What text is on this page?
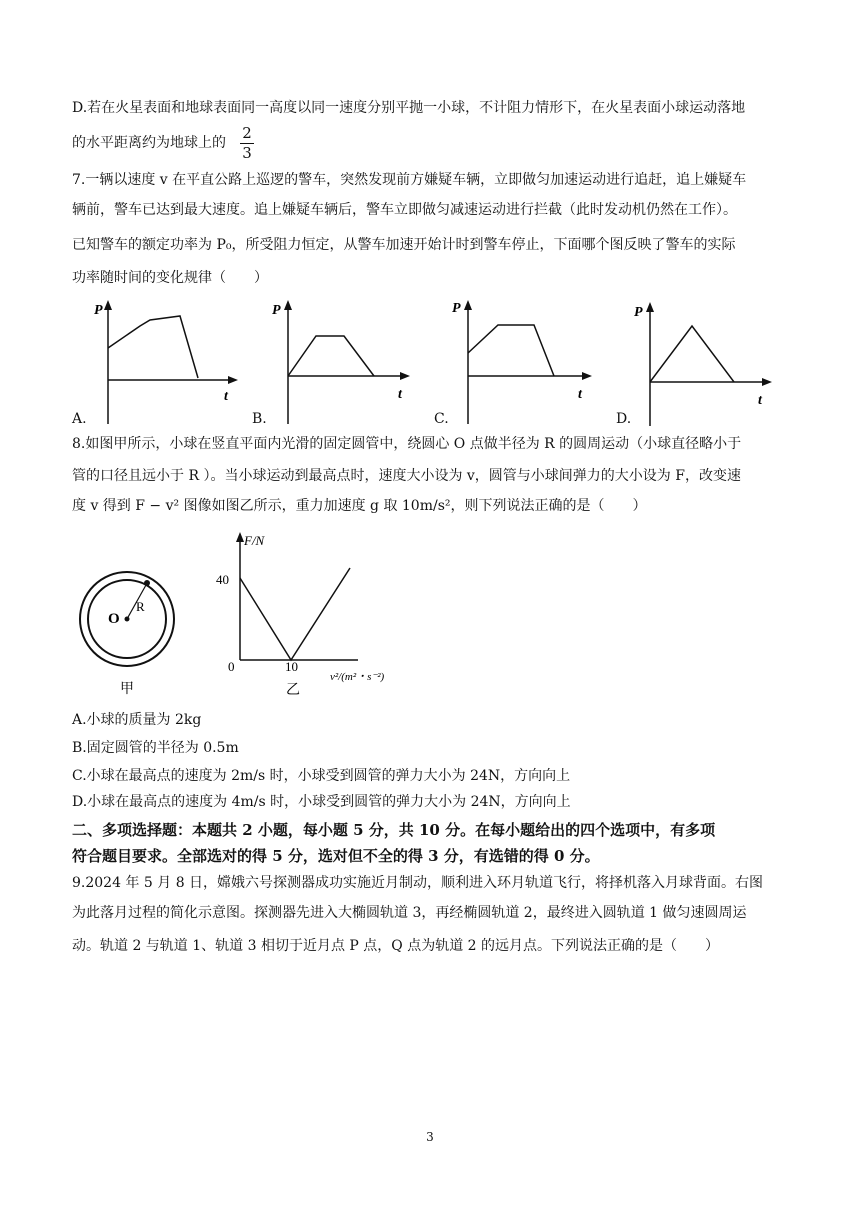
D.若在火星表面和地球表面同一高度以同一速度分别平抛一小球，不计阻力情形下，在火星表面小球运动落地
的水平距离约为地球上的
2
3
7.一辆以速度 v 在平直公路上巡逻的警车，突然发现前方嫌疑车辆，立即做匀加速运动进行追赶，追上嫌疑车
辆前，警车已达到最大速度。追上嫌疑车辆后，警车立即做匀减速运动进行拦截（此时发动机仍然在工作）。
已知警车的额定功率为 P₀，所受阻力恒定，从警车加速开始计时到警车停止，下面哪个图反映了警车的实际
功率随时间的变化规律（　　）
P
t
A.
P
t
B.
P
t
C.
P
t
D.
8.如图甲所示，小球在竖直平面内光滑的固定圆管中，绕圆心 O 点做半径为 R 的圆周运动（小球直径略小于
管的口径且远小于 R ）。当小球运动到最高点时，速度大小设为 v，圆管与小球间弹力的大小设为 F，改变速
度 v 得到 F − v² 图像如图乙所示，重力加速度 g 取 10m/s²，则下列说法正确的是（　　）
O
R
甲
F/N
40
0	10
v²/(m²・s⁻²)
乙
A.小球的质量为 2kg
B.固定圆管的半径为 0.5m
C.小球在最高点的速度为 2m/s 时，小球受到圆管的弹力大小为 24N，方向向上
D.小球在最高点的速度为 4m/s 时，小球受到圆管的弹力大小为 24N，方向向上
二、多项选择题：本题共 2 小题，每小题 5 分，共 10 分。在每小题给出的四个选项中，有多项
符合题目要求。全部选对的得 5 分，选对但不全的得 3 分，有选错的得 0 分。
9.2024 年 5 月 8 日，嫦娥六号探测器成功实施近月制动，顺利进入环月轨道飞行，将择机落入月球背面。右图
为此落月过程的简化示意图。探测器先进入大椭圆轨道 3，再经椭圆轨道 2，最终进入圆轨道 1 做匀速圆周运
动。轨道 2 与轨道 1、轨道 3 相切于近月点 P 点，Q 点为轨道 2 的远月点。下列说法正确的是（　　）
3
